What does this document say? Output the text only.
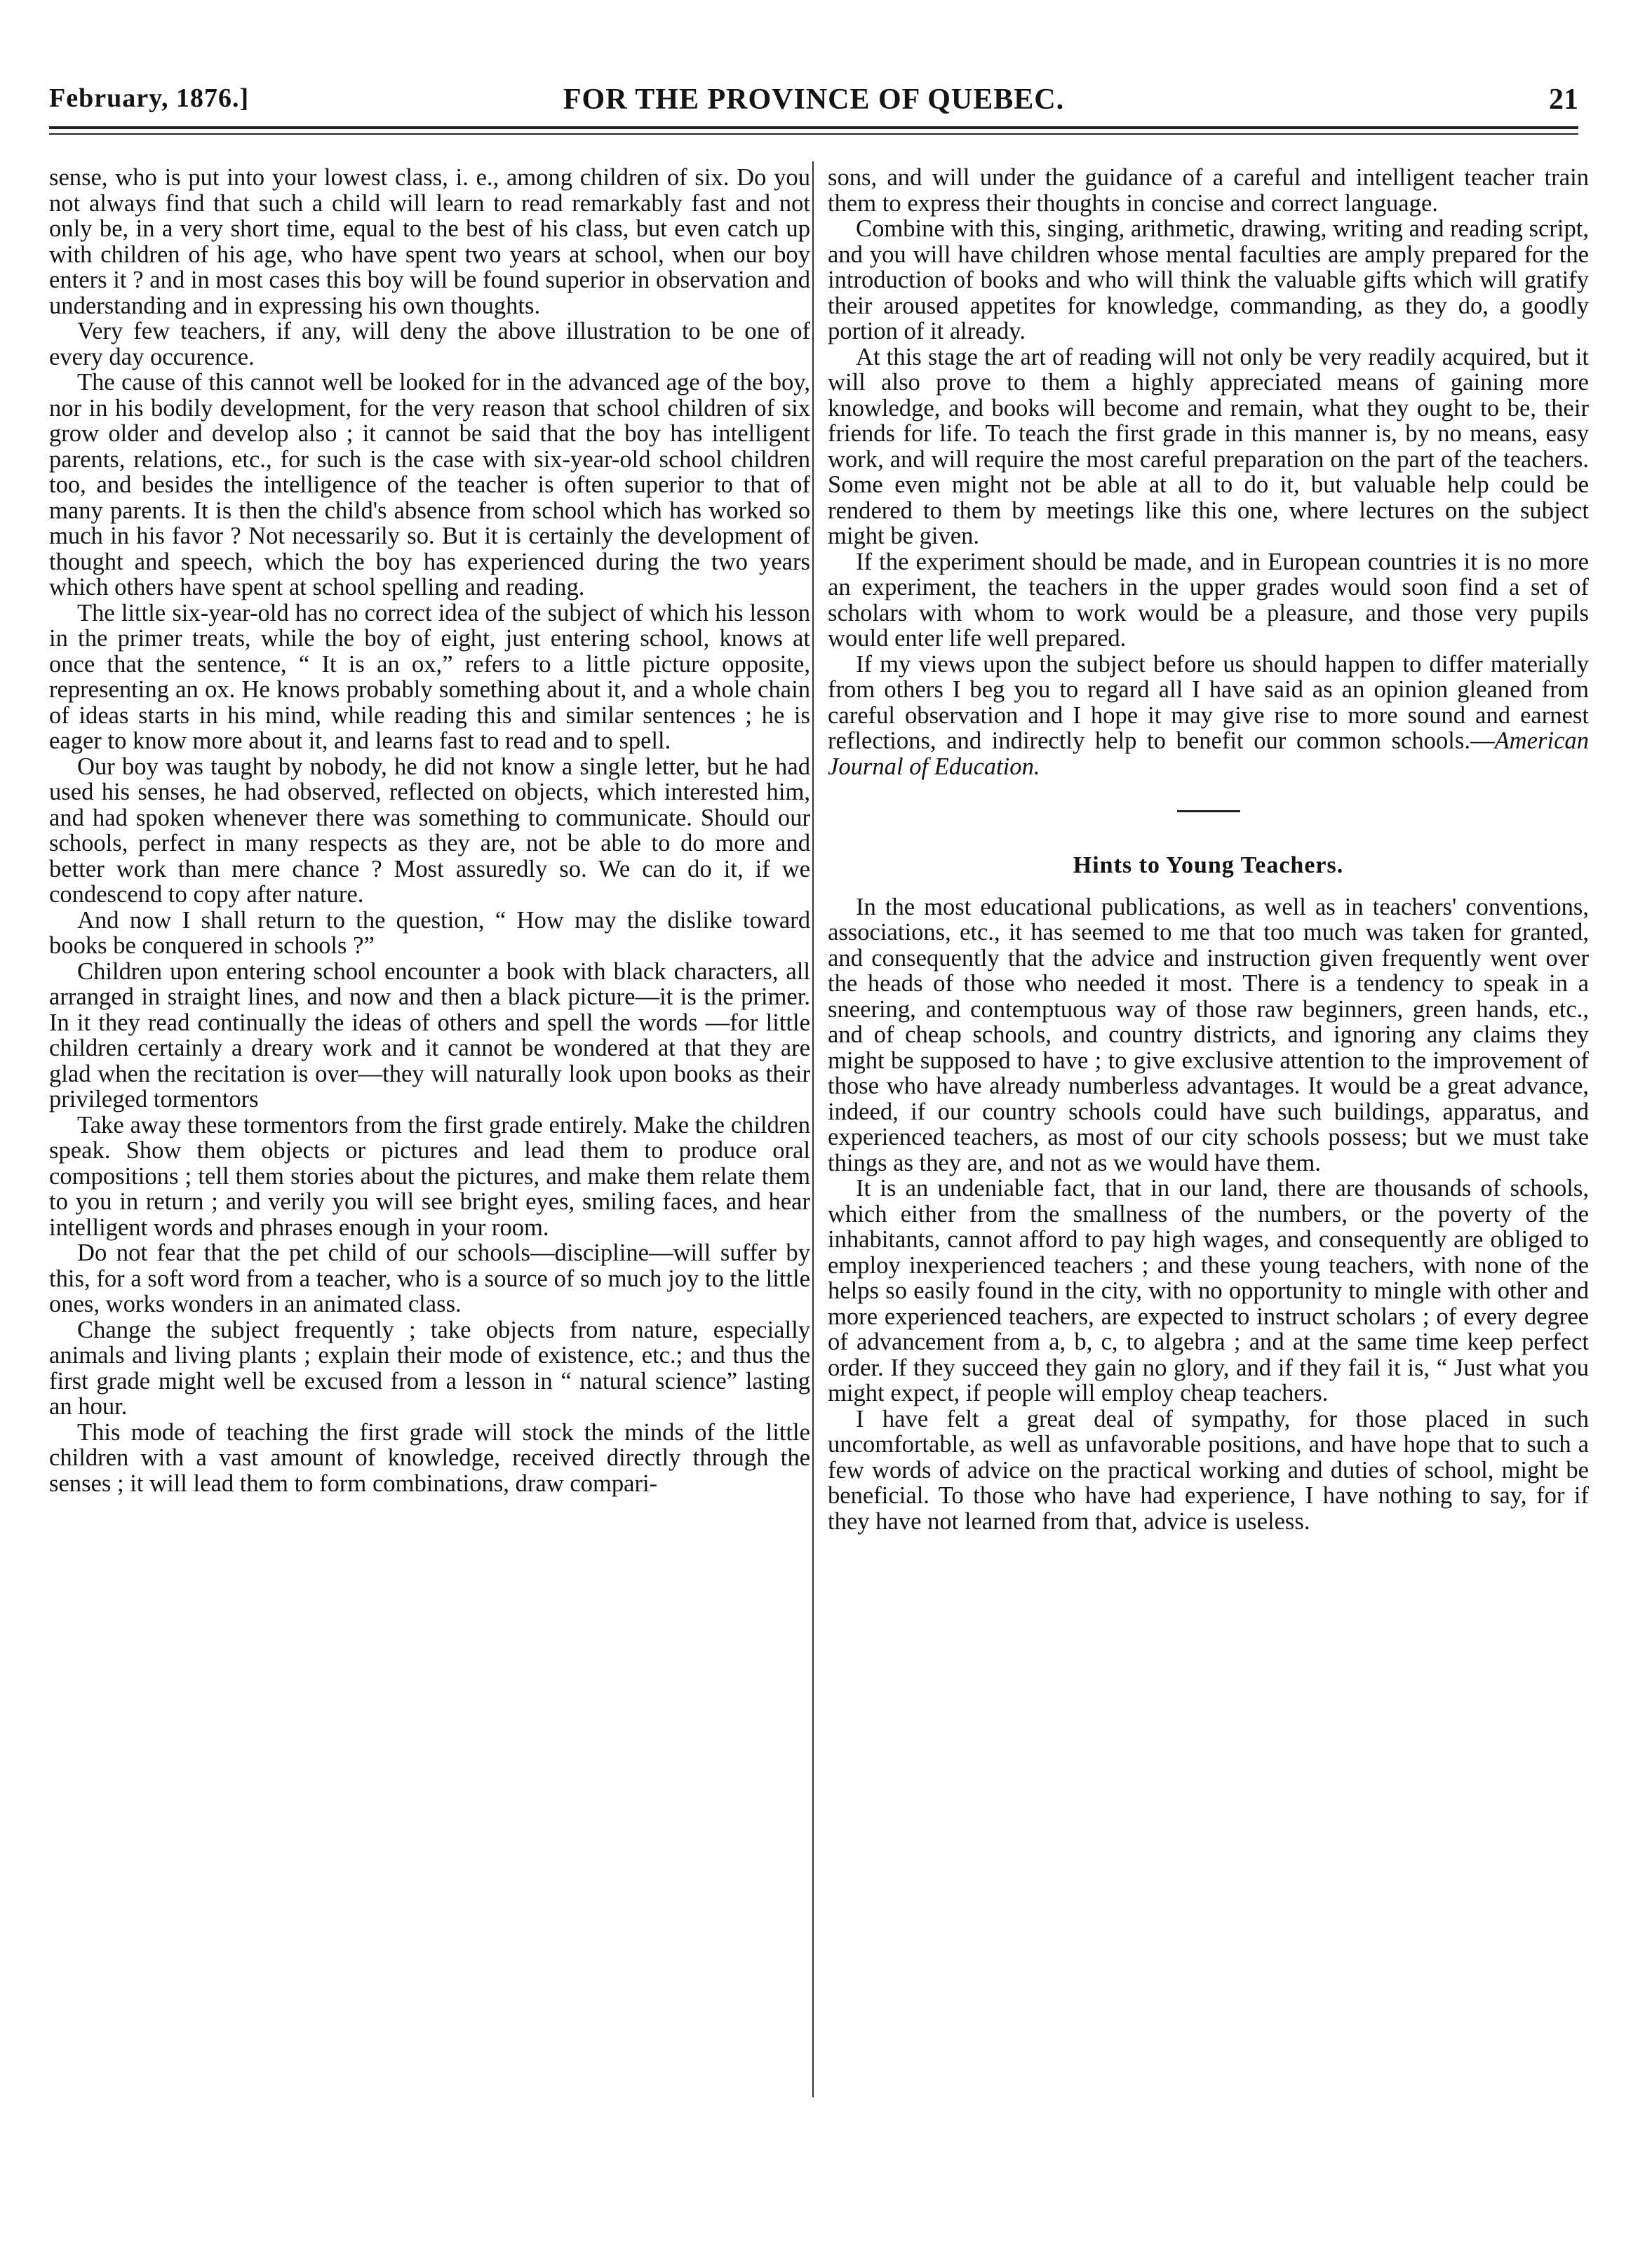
February, 1876.]	FOR THE PROVINCE OF QUEBEC.	21

sense, who is put into your lowest class, i. e., among children of six. Do you not always find that such a child will learn to read remarkably fast and not only be, in a very short time, equal to the best of his class, but even catch up with children of his age, who have spent two years at school, when our boy enters it ? and in most cases this boy will be found superior in observation and understanding and in expressing his own thoughts.

Very few teachers, if any, will deny the above illustration to be one of every day occurence.

The cause of this cannot well be looked for in the advanced age of the boy, nor in his bodily development, for the very reason that school children of six grow older and develop also ; it cannot be said that the boy has intelligent parents, relations, etc., for such is the case with six-year-old school children too, and besides the intelligence of the teacher is often superior to that of many parents. It is then the child's absence from school which has worked so much in his favor ? Not necessarily so. But it is certainly the development of thought and speech, which the boy has experienced during the two years which others have spent at school spelling and reading.

The little six-year-old has no correct idea of the subject of which his lesson in the primer treats, while the boy of eight, just entering school, knows at once that the sentence, “ It is an ox,” refers to a little picture opposite, representing an ox. He knows probably something about it, and a whole chain of ideas starts in his mind, while reading this and similar sentences ; he is eager to know more about it, and learns fast to read and to spell.

Our boy was taught by nobody, he did not know a single letter, but he had used his senses, he had observed, reflected on objects, which interested him, and had spoken whenever there was something to communicate. Should our schools, perfect in many respects as they are, not be able to do more and better work than mere chance ? Most assuredly so. We can do it, if we condescend to copy after nature.

And now I shall return to the question, “ How may the dislike toward books be conquered in schools ?”

Children upon entering school encounter a book with black characters, all arranged in straight lines, and now and then a black picture—it is the primer. In it they read continually the ideas of others and spell the words —for little children certainly a dreary work and it cannot be wondered at that they are glad when the recitation is over—they will naturally look upon books as their privileged tormentors

Take away these tormentors from the first grade entirely. Make the children speak. Show them objects or pictures and lead them to produce oral compositions ; tell them stories about the pictures, and make them relate them to you in return ; and verily you will see bright eyes, smiling faces, and hear intelligent words and phrases enough in your room.

Do not fear that the pet child of our schools—discipline—will suffer by this, for a soft word from a teacher, who is a source of so much joy to the little ones, works wonders in an animated class.

Change the subject frequently ; take objects from nature, especially animals and living plants ; explain their mode of existence, etc.; and thus the first grade might well be excused from a lesson in “ natural science” lasting an hour.

This mode of teaching the first grade will stock the minds of the little children with a vast amount of knowledge, received directly through the senses ; it will lead them to form combinations, draw compari-

sons, and will under the guidance of a careful and intelligent teacher train them to express their thoughts in concise and correct language.

Combine with this, singing, arithmetic, drawing, writing and reading script, and you will have children whose mental faculties are amply prepared for the introduction of books and who will think the valuable gifts which will gratify their aroused appetites for knowledge, commanding, as they do, a goodly portion of it already.

At this stage the art of reading will not only be very readily acquired, but it will also prove to them a highly appreciated means of gaining more knowledge, and books will become and remain, what they ought to be, their friends for life. To teach the first grade in this manner is, by no means, easy work, and will require the most careful preparation on the part of the teachers. Some even might not be able at all to do it, but valuable help could be rendered to them by meetings like this one, where lectures on the subject might be given.

If the experiment should be made, and in European countries it is no more an experiment, the teachers in the upper grades would soon find a set of scholars with whom to work would be a pleasure, and those very pupils would enter life well prepared.

If my views upon the subject before us should happen to differ materially from others I beg you to regard all I have said as an opinion gleaned from careful observation and I hope it may give rise to more sound and earnest reflections, and indirectly help to benefit our common schools.—American Journal of Education.

Hints to Young Teachers.

In the most educational publications, as well as in teachers' conventions, associations, etc., it has seemed to me that too much was taken for granted, and consequently that the advice and instruction given frequently went over the heads of those who needed it most. There is a tendency to speak in a sneering, and contemptuous way of those raw beginners, green hands, etc., and of cheap schools, and country districts, and ignoring any claims they might be supposed to have ; to give exclusive attention to the improvement of those who have already numberless advantages. It would be a great advance, indeed, if our country schools could have such buildings, apparatus, and experienced teachers, as most of our city schools possess; but we must take things as they are, and not as we would have them.

It is an undeniable fact, that in our land, there are thousands of schools, which either from the smallness of the numbers, or the poverty of the inhabitants, cannot afford to pay high wages, and consequently are obliged to employ inexperienced teachers ; and these young teachers, with none of the helps so easily found in the city, with no opportunity to mingle with other and more experienced teachers, are expected to instruct scholars ; of every degree of advancement from a, b, c, to algebra ; and at the same time keep perfect order. If they succeed they gain no glory, and if they fail it is, “ Just what you might expect, if people will employ cheap teachers.

I have felt a great deal of sympathy, for those placed in such uncomfortable, as well as unfavorable positions, and have hope that to such a few words of advice on the practical working and duties of school, might be beneficial. To those who have had experience, I have nothing to say, for if they have not learned from that, advice is useless.
